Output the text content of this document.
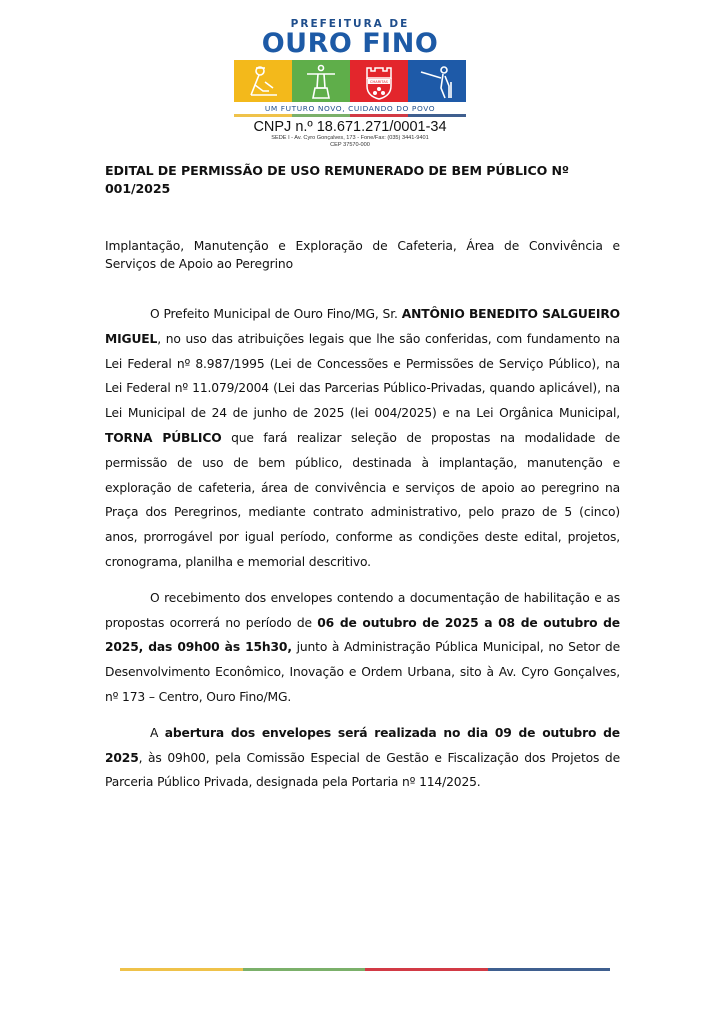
PREFEITURA DE
OURO FINO
CHARITAS
UM FUTURO NOVO, CUIDANDO DO POVO
CNPJ n.º 18.671.271/0001-34
SEDE I - Av. Cyro Gonçalves, 173 - Fone/Fax: (035) 3441-9401
CEP 37570-000
EDITAL DE PERMISSÃO DE USO REMUNERADO DE BEM PÚBLICO Nº 001/2025
Implantação, Manutenção e Exploração de Cafeteria, Área de Convivência e Serviços de Apoio ao Peregrino

O Prefeito Municipal de Ouro Fino/MG, Sr. ANTÔNIO BENEDITO SALGUEIRO MIGUEL, no uso das atribuições legais que lhe são conferidas, com fundamento na Lei Federal nº 8.987/1995 (Lei de Concessões e Permissões de Serviço Público), na Lei Federal nº 11.079/2004 (Lei das Parcerias Público-Privadas, quando aplicável), na Lei Municipal de 24 de junho de 2025 (lei 004/2025) e na Lei Orgânica Municipal, TORNA PÚBLICO que fará realizar seleção de propostas na modalidade de permissão de uso de bem público, destinada à implantação, manutenção e exploração de cafeteria, área de convivência e serviços de apoio ao peregrino na Praça dos Peregrinos, mediante contrato administrativo, pelo prazo de 5 (cinco) anos, prorrogável por igual período, conforme as condições deste edital, projetos, cronograma, planilha e memorial descritivo.

O recebimento dos envelopes contendo a documentação de habilitação e as propostas ocorrerá no período de 06 de outubro de 2025 a 08 de outubro de 2025, das 09h00 às 15h30, junto à Administração Pública Municipal, no Setor de Desenvolvimento Econômico, Inovação e Ordem Urbana, sito à Av. Cyro Gonçalves, nº 173 – Centro, Ouro Fino/MG.

A abertura dos envelopes será realizada no dia 09 de outubro de 2025, às 09h00, pela Comissão Especial de Gestão e Fiscalização dos Projetos de Parceria Público Privada, designada pela Portaria nº 114/2025.
